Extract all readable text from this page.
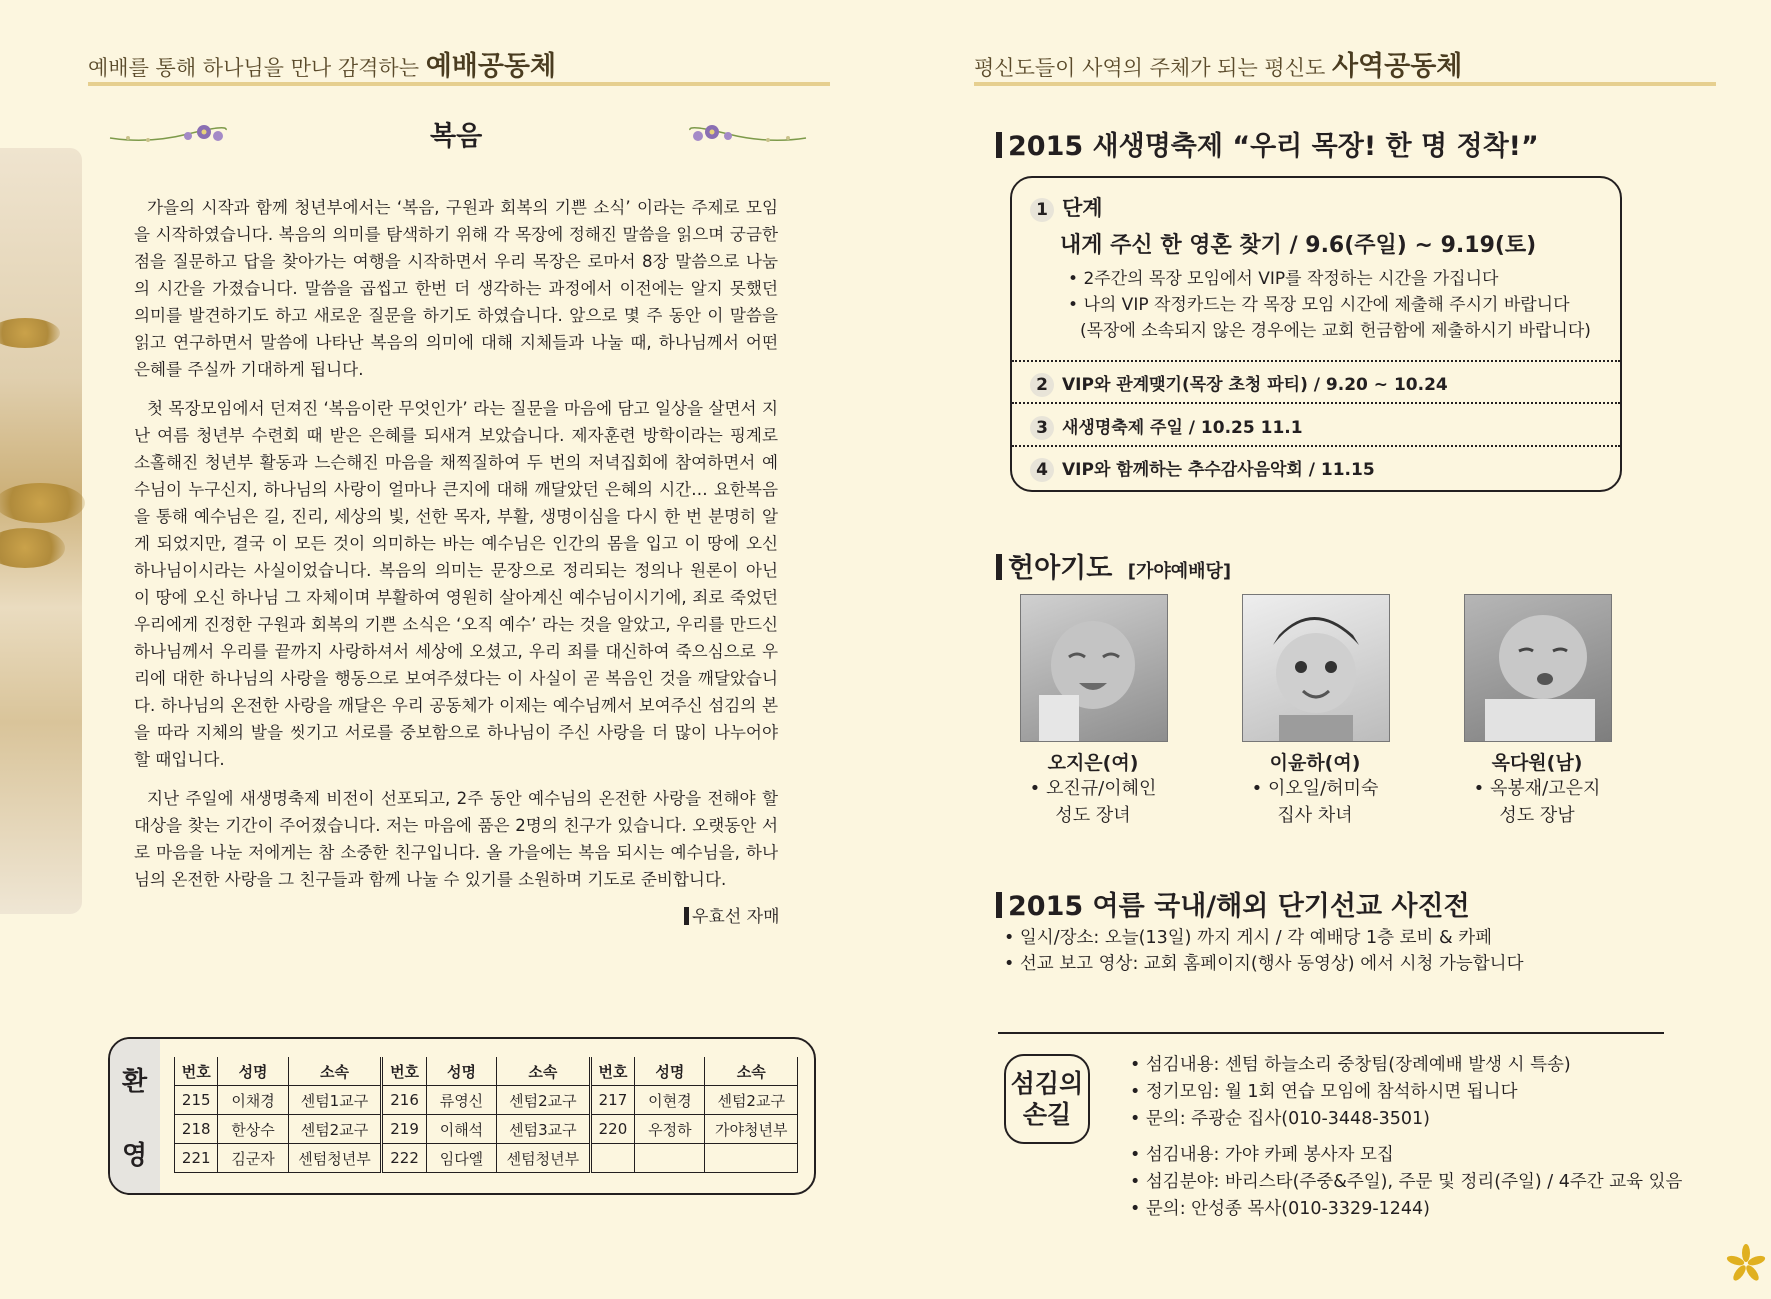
예배를 통해 하나님을 만나 감격하는 예배공동체
복음

가을의 시작과 함께 청년부에서는 ‘복음, 구원과 회복의 기쁜 소식’ 이라는 주제로 모임을 시작하였습니다. 복음의 의미를 탐색하기 위해 각 목장에 정해진 말씀을 읽으며 궁금한 점을 질문하고 답을 찾아가는 여행을 시작하면서 우리 목장은 로마서 8장 말씀으로 나눔의 시간을 가졌습니다. 말씀을 곱씹고 한번 더 생각하는 과정에서 이전에는 알지 못했던 의미를 발견하기도 하고 새로운 질문을 하기도 하였습니다. 앞으로 몇 주 동안 이 말씀을 읽고 연구하면서 말씀에 나타난 복음의 의미에 대해 지체들과 나눌 때, 하나님께서 어떤 은혜를 주실까 기대하게 됩니다.

첫 목장모임에서 던져진 ‘복음이란 무엇인가’ 라는 질문을 마음에 담고 일상을 살면서 지난 여름 청년부 수련회 때 받은 은혜를 되새겨 보았습니다. 제자훈련 방학이라는 핑계로 소홀해진 청년부 활동과 느슨해진 마음을 채찍질하여 두 번의 저녁집회에 참여하면서 예수님이 누구신지, 하나님의 사랑이 얼마나 큰지에 대해 깨달았던 은혜의 시간… 요한복음을 통해 예수님은 길, 진리, 세상의 빛, 선한 목자, 부활, 생명이심을 다시 한 번 분명히 알게 되었지만, 결국 이 모든 것이 의미하는 바는 예수님은 인간의 몸을 입고 이 땅에 오신 하나님이시라는 사실이었습니다. 복음의 의미는 문장으로 정리되는 정의나 원론이 아닌 이 땅에 오신 하나님 그 자체이며 부활하여 영원히 살아계신 예수님이시기에, 죄로 죽었던 우리에게 진정한 구원과 회복의 기쁜 소식은 ‘오직 예수’ 라는 것을 알았고, 우리를 만드신 하나님께서 우리를 끝까지 사랑하셔서 세상에 오셨고, 우리 죄를 대신하여 죽으심으로 우리에 대한 하나님의 사랑을 행동으로 보여주셨다는 이 사실이 곧 복음인 것을 깨달았습니다. 하나님의 온전한 사랑을 깨달은 우리 공동체가 이제는 예수님께서 보여주신 섬김의 본을 따라 지체의 발을 씻기고 서로를 중보함으로 하나님이 주신 사랑을 더 많이 나누어야 할 때입니다.

지난 주일에 새생명축제 비전이 선포되고, 2주 동안 예수님의 온전한 사랑을 전해야 할 대상을 찾는 기간이 주어졌습니다. 저는 마음에 품은 2명의 친구가 있습니다. 오랫동안 서로 마음을 나눈 저에게는 참 소중한 친구입니다. 올 가을에는 복음 되시는 예수님을, 하나님의 온전한 사랑을 그 친구들과 함께 나눌 수 있기를 소원하며 기도로 준비합니다.

우효선 자매
환
영
번호	성명	소속	번호	성명	소속	번호	성명	소속
215	이채경	센텀1교구	216	류영신	센텀2교구	217	이현경	센텀2교구
218	한상수	센텀2교구	219	이해석	센텀3교구	220	우정하	가야청년부
221	김군자	센텀청년부	222	임다엘	센텀청년부			
평신도들이 사역의 주체가 되는 평신도 사역공동체
2015 새생명축제 “우리 목장! 한 명 정착!”
1 단계
내게 주신 한 영혼 찾기 / 9.6(주일) ~ 9.19(토)
• 2주간의 목장 모임에서 VIP를 작정하는 시간을 가집니다
• 나의 VIP 작정카드는 각 목장 모임 시간에 제출해 주시기 바랍니다
(목장에 소속되지 않은 경우에는 교회 헌금함에 제출하시기 바랍니다)
2 VIP와 관계맺기(목장 초청 파티) / 9.20 ~ 10.24
3 새생명축제 주일 / 10.25 11.1
4 VIP와 함께하는 추수감사음악회 / 11.15
헌아기도 [가야예배당]
오지은(여)
• 오진규/이혜인
성도 장녀
이윤하(여)
• 이오일/허미숙
집사 차녀
옥다원(남)
• 옥봉재/고은지
성도 장남
2015 여름 국내/해외 단기선교 사진전
• 일시/장소: 오늘(13일) 까지 게시 / 각 예배당 1층 로비 & 카페
• 선교 보고 영상: 교회 홈페이지(행사 동영상) 에서 시청 가능합니다
섬김의
손길
• 섬김내용: 센텀 하늘소리 중창팀(장례예배 발생 시 특송)
• 정기모임: 월 1회 연습 모임에 참석하시면 됩니다
• 문의: 주광순 집사(010-3448-3501)
• 섬김내용: 가야 카페 봉사자 모집
• 섬김분야: 바리스타(주중&주일), 주문 및 정리(주일) / 4주간 교육 있음
• 문의: 안성종 목사(010-3329-1244)
